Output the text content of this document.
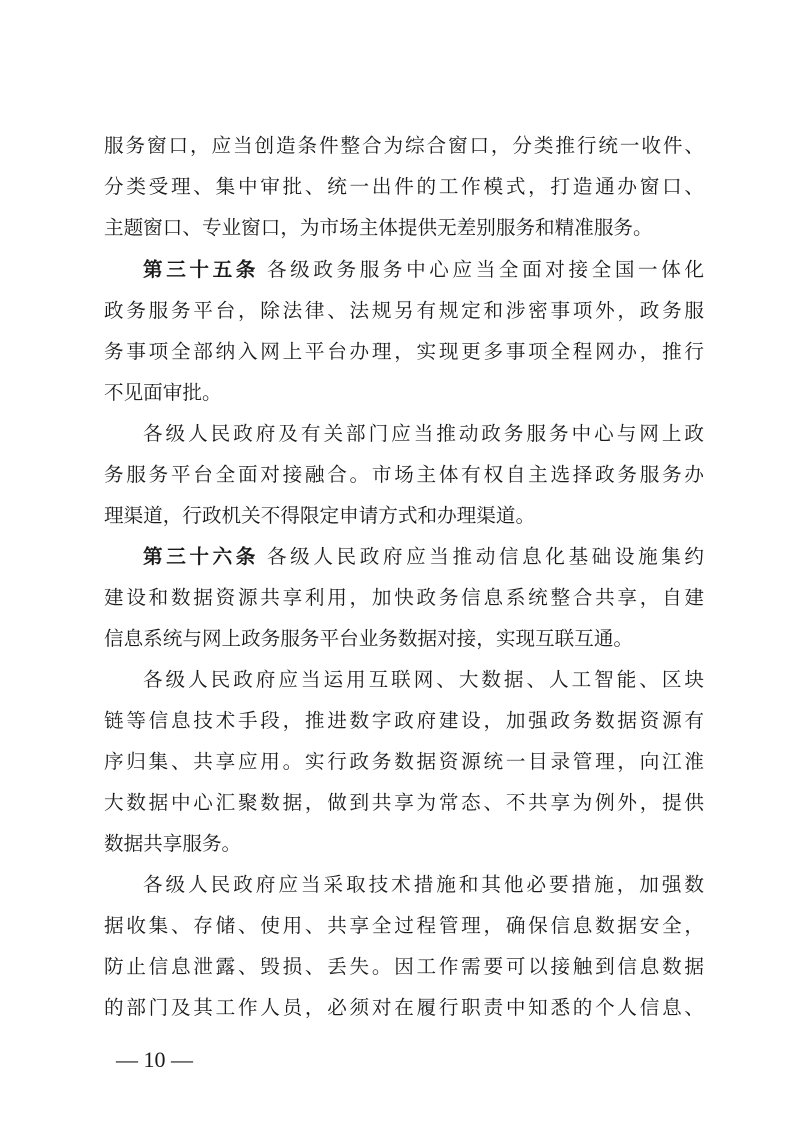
服务窗口，应当创造条件整合为综合窗口，分类推行统一收件、
分类受理、集中审批、统一出件的工作模式，打造通办窗口、
主题窗口、专业窗口，为市场主体提供无差别服务和精准服务。
第三十五条 各级政务服务中心应当全面对接全国一体化
政务服务平台，除法律、法规另有规定和涉密事项外，政务服
务事项全部纳入网上平台办理，实现更多事项全程网办，推行
不见面审批。
各级人民政府及有关部门应当推动政务服务中心与网上政
务服务平台全面对接融合。市场主体有权自主选择政务服务办
理渠道，行政机关不得限定申请方式和办理渠道。
第三十六条 各级人民政府应当推动信息化基础设施集约
建设和数据资源共享利用，加快政务信息系统整合共享，自建
信息系统与网上政务服务平台业务数据对接，实现互联互通。
各级人民政府应当运用互联网、大数据、人工智能、区块
链等信息技术手段，推进数字政府建设，加强政务数据资源有
序归集、共享应用。实行政务数据资源统一目录管理，向江淮
大数据中心汇聚数据，做到共享为常态、不共享为例外，提供
数据共享服务。
各级人民政府应当采取技术措施和其他必要措施，加强数
据收集、存储、使用、共享全过程管理，确保信息数据安全，
防止信息泄露、毁损、丢失。因工作需要可以接触到信息数据
的部门及其工作人员，必须对在履行职责中知悉的个人信息、
— 10 —
